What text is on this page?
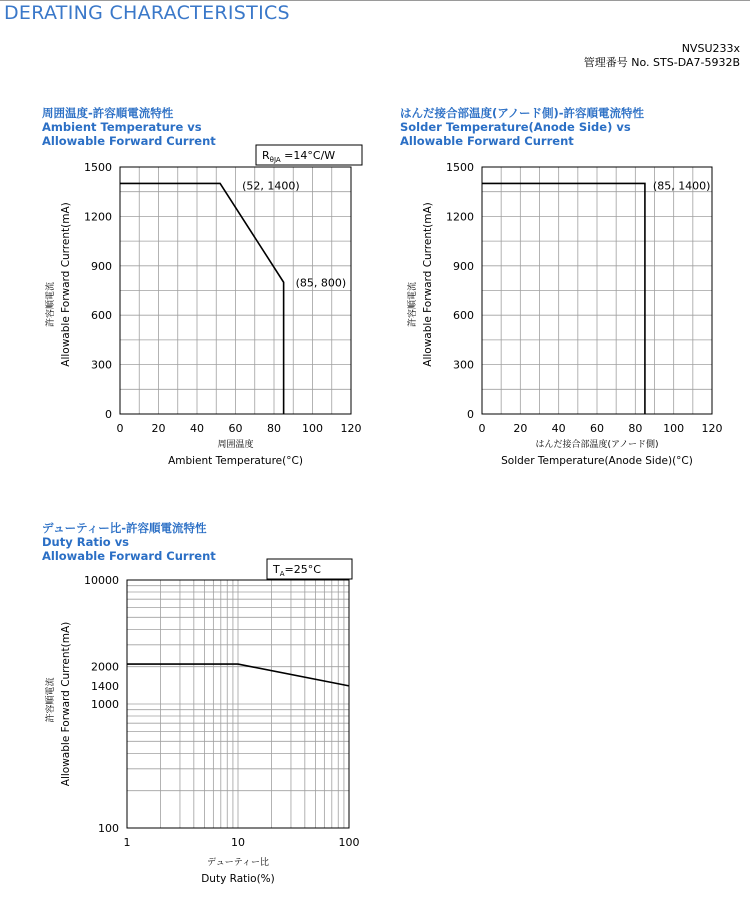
DERATING CHARACTERISTICS
NVSU233x
管理番号 No. STS-DA7-5932B
周囲温度-許容順電流特性
Ambient Temperature vs
Allowable Forward Current
はんだ接合部温度(アノード側)-許容順電流特性
Solder Temperature(Anode Side) vs
Allowable Forward Current
デューティー比-許容順電流特性
Duty Ratio vs
Allowable Forward Current
0	20 40 60 80 100 120
0
300
600
900
1200
1500
周囲温度
Ambient Temperature(°C)
許容順電流 Allowable Forward Current(mA)
(52, 1400)
(85, 800)
$R_{\theta JA} =14^\circ C/W$
0	20 40 60 80 100 120
0
300
600
900
1200
1500
はんだ接合部温度(アノード側)
Solder Temperature(Anode Side)(°C)
許容順電流 Allowable Forward Current(mA)
(85, 1400)
1	10	100
100
1000
1400
2000
10000
デューティー比
Duty Ratio(%)
許容順電流 Allowable Forward Current(mA)
$T_A=25^\circ C$
